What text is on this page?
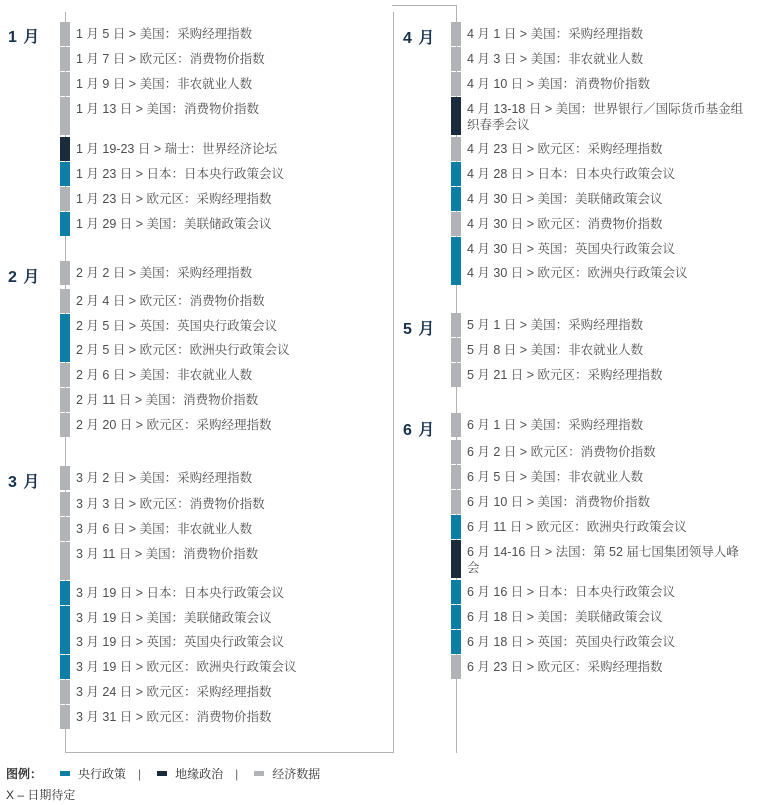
1 月	1 月 5 日 > 美国：采购经理指数
1 月 7 日 > 欧元区：消费物价指数
1 月 9 日 > 美国：非农就业人数
1 月 13 日 > 美国：消费物价指数
1 月 19-23 日 > 瑞士：世界经济论坛
1 月 23 日 > 日本：日本央行政策会议
1 月 23 日 > 欧元区：采购经理指数
1 月 29 日 > 美国：美联储政策会议
2 月	2 月 2 日 > 美国：采购经理指数
2 月 4 日 > 欧元区：消费物价指数
2 月 5 日 > 英国：英国央行政策会议
2 月 5 日 > 欧元区：欧洲央行政策会议
2 月 6 日 > 美国：非农就业人数
2 月 11 日 > 美国：消费物价指数
2 月 20 日 > 欧元区：采购经理指数
3 月	3 月 2 日 > 美国：采购经理指数
3 月 3 日 > 欧元区：消费物价指数
3 月 6 日 > 美国：非农就业人数
3 月 11 日 > 美国：消费物价指数
3 月 19 日 > 日本：日本央行政策会议
3 月 19 日 > 美国：美联储政策会议
3 月 19 日 > 英国：英国央行政策会议
3 月 19 日 > 欧元区：欧洲央行政策会议
3 月 24 日 > 欧元区：采购经理指数
3 月 31 日 > 欧元区：消费物价指数
4 月	4 月 1 日 > 美国：采购经理指数
4 月 3 日 > 美国：非农就业人数
4 月 10 日 > 美国：消费物价指数
4 月 13-18 日 > 美国：世界银行／国际货币基金组织春季会议
4 月 23 日 > 欧元区：采购经理指数
4 月 28 日 > 日本：日本央行政策会议
4 月 30 日 > 美国：美联储政策会议
4 月 30 日 > 欧元区：消费物价指数
4 月 30 日 > 英国：英国央行政策会议
4 月 30 日 > 欧元区：欧洲央行政策会议
5 月	5 月 1 日 > 美国：采购经理指数
5 月 8 日 > 美国：非农就业人数
5 月 21 日 > 欧元区：采购经理指数
6 月	6 月 1 日 > 美国：采购经理指数
6 月 2 日 > 欧元区：消费物价指数
6 月 5 日 > 美国：非农就业人数
6 月 10 日 > 美国：消费物价指数
6 月 11 日 > 欧元区：欧洲央行政策会议
6 月 14-16 日 > 法国：第 52 届七国集团领导人峰会
6 月 16 日 > 日本：日本央行政策会议
6 月 18 日 > 美国：美联储政策会议
6 月 18 日 > 英国：英国央行政策会议
6 月 23 日 > 欧元区：采购经理指数
图例：	央行政策 |	地缘政治 |	经济数据
X – 日期待定
